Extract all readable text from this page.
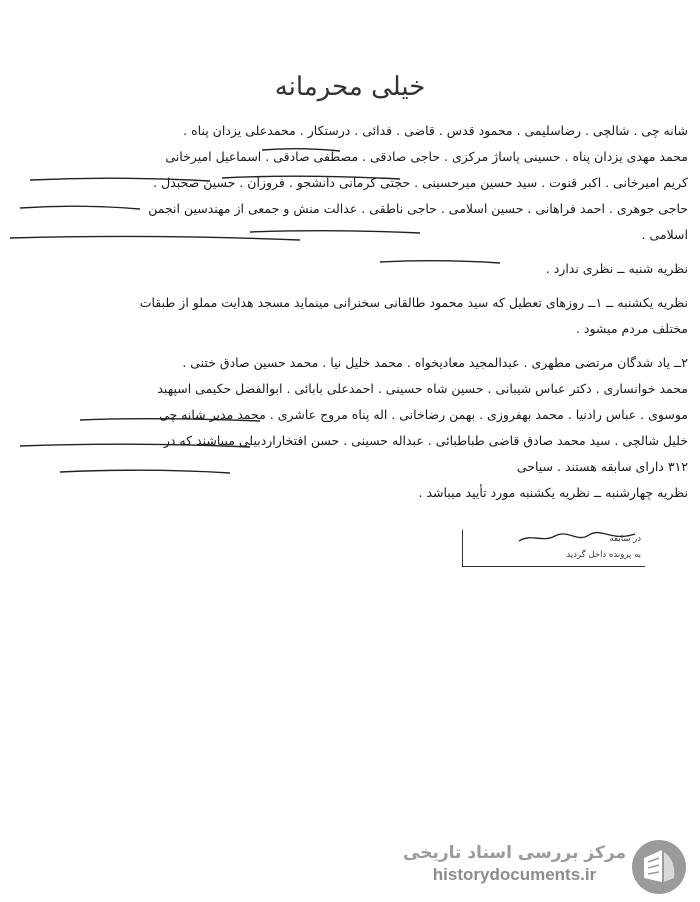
خیلی محرمانه
شانه چی . شالچی . رضاسلیمی . محمود قدس . قاضی . فدائی . درستکار . محمدعلی یزدان پناه .
محمد مهدی یزدان پناه . حسینی پاساژ مرکزی . حاجی صادقی . مصطفی صادقی . اسماعیل امیرخانی
کریم امیرخانی . اکبر قنوت . سید حسین میرحسینی . حجتی کرمانی دانشجو . فروزان . حسین صحبدل .
حاجی جوهری . احمد فراهانی . حسین اسلامی . حاجی ناطقی . عدالت منش و جمعی از مهندسین انجمن
اسلامی .
نظریه شنبه ــ نظری ندارد .
نظریه یکشنبه ــ ۱ــ روزهای تعطیل که سید محمود طالقانی سخنرانی مینماید مسجد هدایت مملو از طبقات
مختلف مردم میشود .
۲ــ یاد شدگان مرتضی مطهری . عبدالمجید معادیخواه . محمد خلیل نیا . محمد حسین صادق ختنی .
محمد خوانساری . دکتر عباس شیبانی . حسین شاه حسینی . احمدعلی بابائی . ابوالفضل حکیمی اسپهبد
موسوی . عباس رادنیا . محمد بهفروزی . بهمن رضاخانی . اله پناه مروج عاشری . محمد مدبر شانه چی
خلیل شالچی . سید محمد صادق قاضی طباطبائی . عبداله حسینی . حسن افتخاراردبیلی میباشند که در
۳۱۲ دارای سابقه هستند . سیاحی
نظریه چهارشنبه ــ نظریه یکشنبه مورد تأیید میباشد .
در سابقه
به پرونده داخل گردید
مرکز بررسی اسناد تاریخی
historydocuments.ir
